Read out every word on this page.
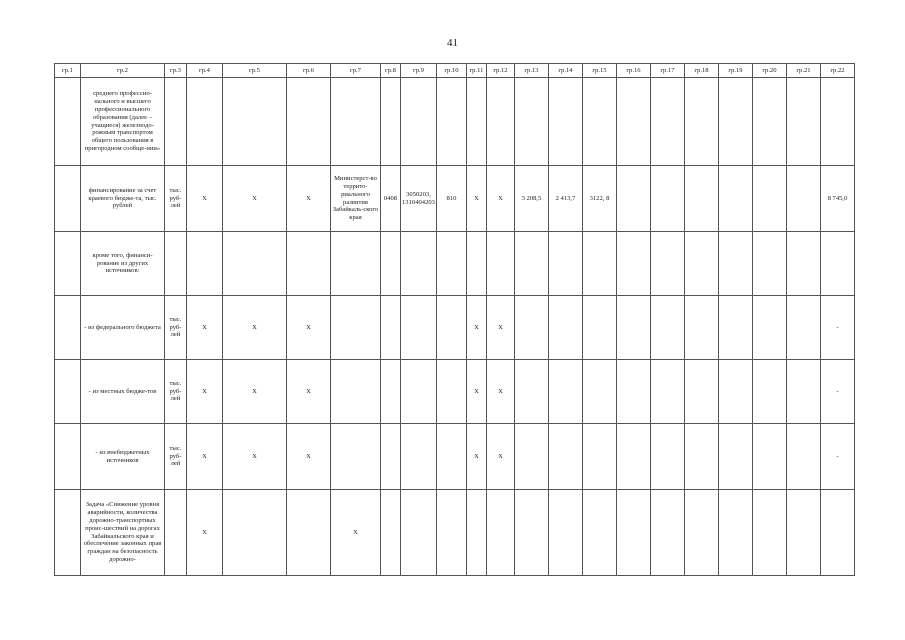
41
гр.1	гр.2	гр.3	гр.4	гр.5	гр.6	гр.7	гр.8	гр.9	гр.10	гр.11	гр.12	гр.13	гр.14	гр.15	гр.16	гр.17	гр.18	гр.19	гр.20	гр.21	гр.22
	среднего профессио-нального и высшего профессионального образования (далее – учащиеся) железнодо-рожным транспортом общего пользования в пригородном сообще-нии»																				
	финансирование за счет краевого бюдже-та, тыс. рублей	тыс. руб-лей	Х	Х	Х	Министерст-во террито-риального развития Забайкаль-ского края	0408	3050203, 1310404203	810	Х	Х	3 208,5	2 413,7	3122, 8							8 745,0
	кроме того, финанси-рование из других источников:																				
	- из федерального бюджета	тыс. руб-лей	Х	Х	Х					Х	Х										-
	- из местных бюдже-тов	тыс. руб-лей	Х	Х	Х					Х	Х										-
	- из внебюджетных источников	тыс. руб-лей	Х	Х	Х					Х	Х										-
	Задача «Снижение уровня аварийности, количества дорожно-транспортных проис-шествий на дорогах Забайкальского края и обеспечение законных прав граждан на безопасность дорожно-		Х			Х															
